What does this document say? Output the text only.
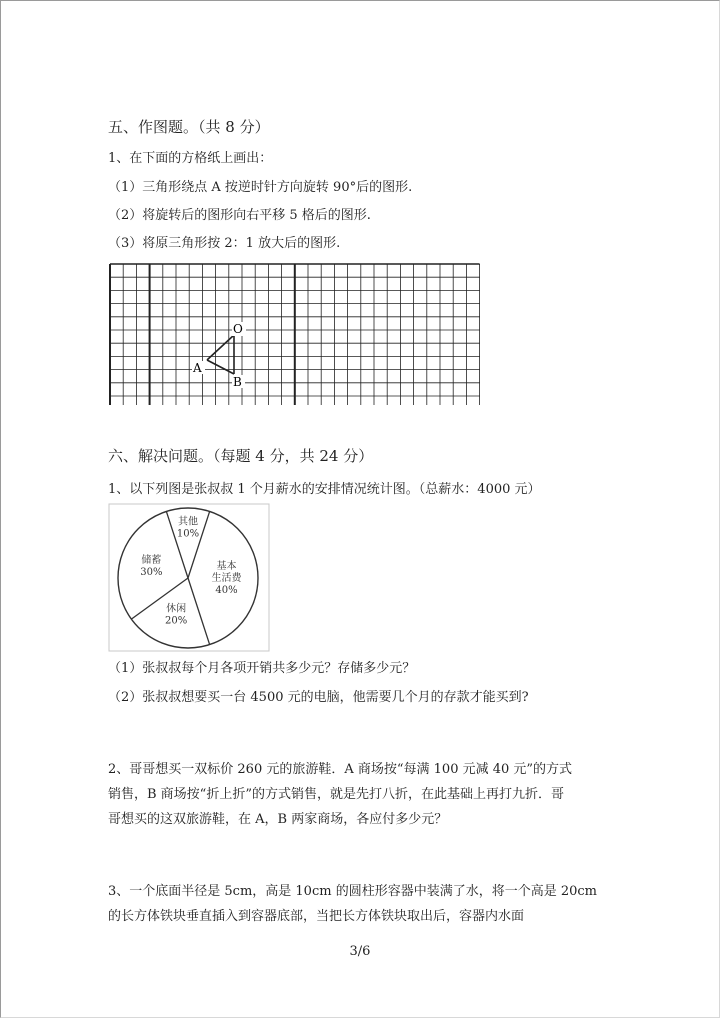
五、作图题。（共 8 分）
1、在下面的方格纸上画出：
（1）三角形绕点 A 按逆时针方向旋转 90°后的图形.
（2）将旋转后的图形向右平移 5 格后的图形.
（3）将原三角形按 2：1 放大后的图形.
O
A
B
六、解决问题。（每题 4 分，共 24 分）
1、以下列图是张叔叔 1 个月薪水的安排情况统计图。（总薪水：4000 元）
基本生活费 40%
休闲 20%
储蓄 30%
其他 10%
（1）张叔叔每个月各项开销共多少元？存储多少元？
（2）张叔叔想要买一台 4500 元的电脑，他需要几个月的存款才能买到?
2、哥哥想买一双标价 260 元的旅游鞋．A 商场按“每满 100 元减 40 元”的方式
销售，B 商场按“折上折”的方式销售，就是先打八折，在此基础上再打九折．哥
哥想买的这双旅游鞋，在 A，B 两家商场，各应付多少元？
3、一个底面半径是 5cm，高是 10cm 的圆柱形容器中装满了水，将一个高是 20cm
的长方体铁块垂直插入到容器底部，当把长方体铁块取出后，容器内水面
3/6
